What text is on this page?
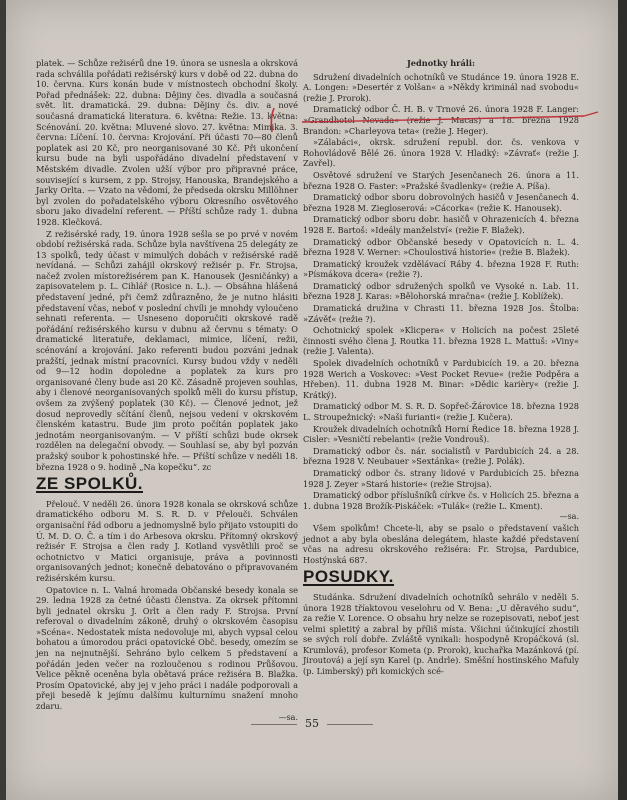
platek. — Schůze režisérů dne 19. února se usnesla a okrsková rada schválila pořádati režisérský kurs v době od 22. dubna do 10. června. Kurs konán bude v místnostech obchodní školy. Pořad přednášek: 22. dubna: Dějiny čes. divadla a současná svět. lit. dramatická. 29. dubna: Dějiny čs. div. a nové současná dramatická literatura. 6. května: Režie. 13. května: Scénování. 20. května: Mluvené slovo. 27. května: Mimika. 3. června: Líčení. 10. června: Krojování. Při účasti 70—80 členů poplatek asi 20 Kč, pro neorganisované 30 Kč. Při ukončení kursu bude na byli uspořádáno divadelní představení v Městském divadle. Zvolen užší výbor pro připravné práce, související s kursem, z pp. Strojsy, Hanouska, Brandejského a Jarky Orlta. — Vzato na vědomí, že předseda okrsku Millöhner byl zvolen do pořadatelského výboru Okresního osvětového sboru jako divadelní referent. — Příští schůze rady 1. dubna 1928. Klečková.

Z režisérské rady, 19. února 1928 sešla se po prvé v novém období režisérská rada. Schůze byla navštívena 25 delegáty ze 13 spolků, tedy účast v mimulých dobách v režisérské radě nevídaná. — Schůzi zahájil okrskový režisér p. Fr. Strojsa, načež zvolen místorežisérem pan K. Hanousek (Jesničánky) a zapisovatelem p. L. Cihlář (Rosice n. L.). — Obsáhna hlášená představení jedné, při čemž zdůrazněno, že je nutno hlásiti představení včas, neboť v poslední chvíli je mnohdy vyloučeno sehnati referenta. — Usneseno doporučiti okrskové radě pořádání režisérského kursu v dubnu až červnu s tématy: O dramatické literatuře, deklamaci, mimice, líčení, režii, scénování a krojování. Jako referenti budou pozváni jednak pražští, jednak místní pracovníci. Kursy budou vždy v neděli od 9—12 hodin dopoledne a poplatek za kurs pro organisované členy bude asi 20 Kč. Zásadně projeven souhlas, aby i členové neorganisovaných spolků měli do kursu přístup, ovšem za zvýšený poplatek (30 Kč). — Členové jednot, jež dosud neprovedly sčítání členů, nejsou vedení v okrskovém členském katastru. Bude jim proto počítán poplatek jako jednotám neorganisovaným. — V příští schůzi bude okrsek rozdělen na delegační obvody. — Souhlasí se, aby byl pozván pražský soubor k pohostinské hře. — Příští schůze v neděli 18. března 1928 o 9. hodině „Na kopečku“. zc

ZE SPOLKŮ.

Přelouč. V neděli 26. února 1928 konala se okrsková schůze dramatického odboru M. S. R. D. v Přelouči. Schválen organisační řád odboru a jednomyslně bylo přijato vstoupiti do Ú. M. D. O. Č. a tím i do Arbesova okrsku. Přítomný okrskový režisér F. Strojsa a člen rady J. Kotland vysvětlili proč se ochotnictvo v Matici organisuje, práva a povinnosti organisovaných jednot; konečně debatováno o připravovaném režisérském kursu.

Opatovice n. L. Valná hromada Občanské besedy konala se 29. ledna 1928 za četné účasti členstva. Za okrsek přítomni byli jednatel okrsku J. Orlt a člen rady F. Strojsa. První referoval o divadelním zákoně, druhý o okrskovém časopisu »Scéna«. Nedostatek místa nedovoluje mi, abych vypsal celou bohatou a úmorodou práci opatovické Obč. besedy, omezím se jen na nejnutnější. Sehráno bylo celkem 5 představení a pořádán jeden večer na rozloučenou s rodinou Průšovou. Velice pěkně oceněna byla obětavá práce režiséra B. Blažka. Prosím Opatovické, aby jej v jeho práci i nadále podporovali a přeji besedě k jejímu dalšímu kulturnímu snažení mnoho zdaru.

—sa.

Jednotky hráli:

Sdružení divadelních ochotníků ve Studánce 19. února 1928 E. A. Longen: »Desertér z Volšan« a »Někdy kriminál nad svobodu« (režie J. Prorok).

Dramatický odbor Č. H. B. v Trnové 26. února 1928 F. Langer: »Grandhotel Nevada« (režie J. Macas) a 18. března 1928 Brandon: »Charleyova teta« (režie J. Heger).

»Zálabáci«, okrsk. sdružení republ. dor. čs. venkova v Rohovládově Bělé 26. února 1928 V. Hladký: »Závrať« (režie J. Zavřel).

Osvětové sdružení ve Starých Jesenčanech 26. února a 11. března 1928 O. Faster: »Pražské švadlenky« (režie A. Píša).

Dramatický odbor sboru dobrovolných hasičů v Jesenčanech 4. března 1928 M. Ziegloserová: »Cácorka« (režie K. Hanousek).

Dramatický odbor sboru dobr. hasičů v Ohrazenicích 4. března 1928 E. Bartoš: »Ideály manželství« (režie F. Blažek).

Dramatický odbor Občanské besedy v Opatovicích n. L. 4. března 1928 V. Werner: »Choulostivá historie« (režie B. Blažek).

Dramatický kroužek vzdělávací Ráby 4. března 1928 F. Ruth: »Písmákova dcera« (režie ?).

Dramatický odbor sdružených spolků ve Vysoké n. Lab. 11. března 1928 J. Karas: »Bělohorská mračna« (režie J. Koblížek).

Dramatická družina v Chrasti 11. března 1928 Jos. Štolba: »Závěť« (režie ?).

Ochotnický spolek »Klicpera« v Holicích na počest 25leté činnosti svého člena J. Routka 11. března 1928 L. Mattuš: »Viny« (režie J. Valenta).

Spolek divadelních ochotníků v Pardubicích 19. a 20. března 1928 Werich a Voskovec: »Vest Pocket Revue« (režie Podpěra a Hřeben). 11. dubna 1928 M. Binar: »Dědic karièry« (režie J. Krátký).

Dramatický odbor M. S. R. D. Sopřeč-Žárovice 18. března 1928 L. Stroupežnický: »Naši furianti« (režie J. Kučera).

Kroužek divadelních ochotníků Horní Ředice 18. března 1928 J. Cisler: »Vesničtí rebelanti« (režie Vondrouš).

Dramatický odbor čs. nár. socialistů v Pardubicích 24. a 28. března 1928 V. Neubauer »Sextánka« (režie J. Polák).

Dramatický odbor čs. strany lidové v Pardubicích 25. března 1928 J. Zeyer »Stará historie« (režie Strojsa).

Dramatický odbor příslušníků církve čs. v Holicích 25. března a 1. dubna 1928 Brožík-Piskáček: »Tulák« (režie L. Kment).

—sa.

Všem spolkům! Chcete-li, aby se psalo o představení vašich jednot a aby byla obeslána delegátem, hlaste každé představení včas na adresu okrskového režiséra: Fr. Strojsa, Pardubice, Hostýnská 687.

POSUDKY.

Studánka. Sdružení divadelních ochotníků sehrálo v neděli 5. února 1928 tříaktovou veselohru od V. Bena: „U děravého sudu“, za režie V. Lorence. O obsahu hry nelze se rozepisovati, neboť jest velmi spletitý a zabral by příliš místa. Všichni účinkující zhostili se svých rolí dobře. Zvláště vynikali: hospodyně Kropáčková (sl. Krumlová), profesor Kometa (p. Prorok), kuchařka Mazánková (pí. Jiroutová) a její syn Karel (p. Andrle). Směšní hostinského Mafuly (p. Limberský) při komických scé-

55
